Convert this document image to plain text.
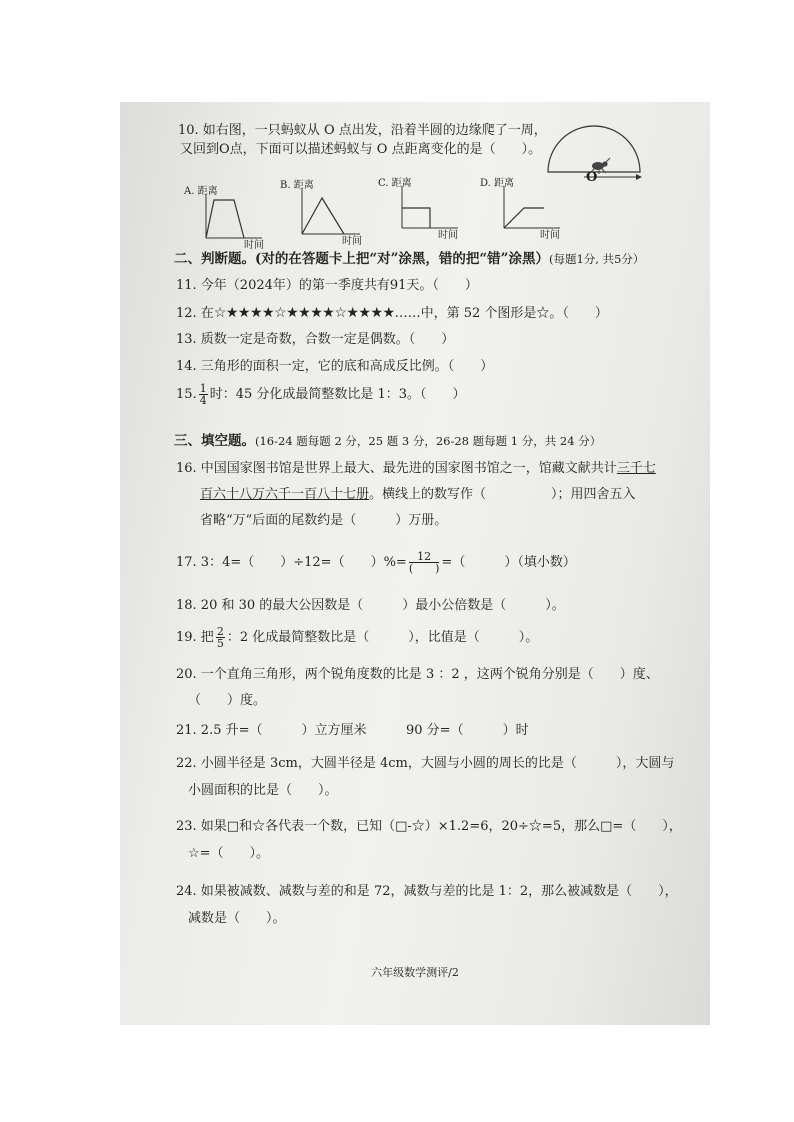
10. 如右图，一只蚂蚁从 O 点出发，沿着半圆的边缘爬了一周，
又回到O点，下面可以描述蚂蚁与 O 点距离变化的是（　　）。
O
A. 距离
时间
B. 距离
时间
C. 距离
时间
D. 距离
时间
二、判断题。(对的在答题卡上把“对”涂黑，错的把“错”涂黑）(每题1分, 共5分）
11. 今年（2024年）的第一季度共有91天。（　　）
12. 在☆★★★★☆★★★★☆★★★★……中，第 52 个图形是☆。（　　）
13. 质数一定是奇数，合数一定是偶数。（　　）
14. 三角形的面积一定，它的底和高成反比例。（　　）
15. $\frac{1}{4}$ 时：45 分化成最简整数比是 1：3。（　　）
三、填空题。(16-24 题每题 2 分，25 题 3 分，26-28 题每题 1 分，共 24 分）
16. 中国国家图书馆是世界上最大、最先进的国家图书馆之一，馆藏文献共计三千七
百六十八万六千一百八十七册。横线上的数写作（　　　　　）；用四舍五入
省略“万”后面的尾数约是（　　　）万册。
17. 3：4=（　　）÷12=（　　）%= $\frac{12}{( )}$ =（　　　）（填小数）
18. 20 和 30 的最大公因数是（　　　）最小公倍数是（　　　）。
19. 把 $\frac{2}{5}$ ：2 化成最简整数比是（　　　），比值是（　　　）。
20. 一个直角三角形，两个锐角度数的比是 3 ：2 ，这两个锐角分别是（　　）度、
（　　）度。
21. 2.5 升=（　　　）立方厘米	90 分=（　　　）时
22. 小圆半径是 3cm，大圆半径是 4cm，大圆与小圆的周长的比是（　　　），大圆与
小圆面积的比是（　　）。
23. 如果□和☆各代表一个数，已知（□-☆）×1.2=6，20÷☆=5，那么□=（　　），
☆=（　　）。
24. 如果被减数、减数与差的和是 72，减数与差的比是 1：2，那么被减数是（　　），
减数是（　　）。
六年级数学测评/2
